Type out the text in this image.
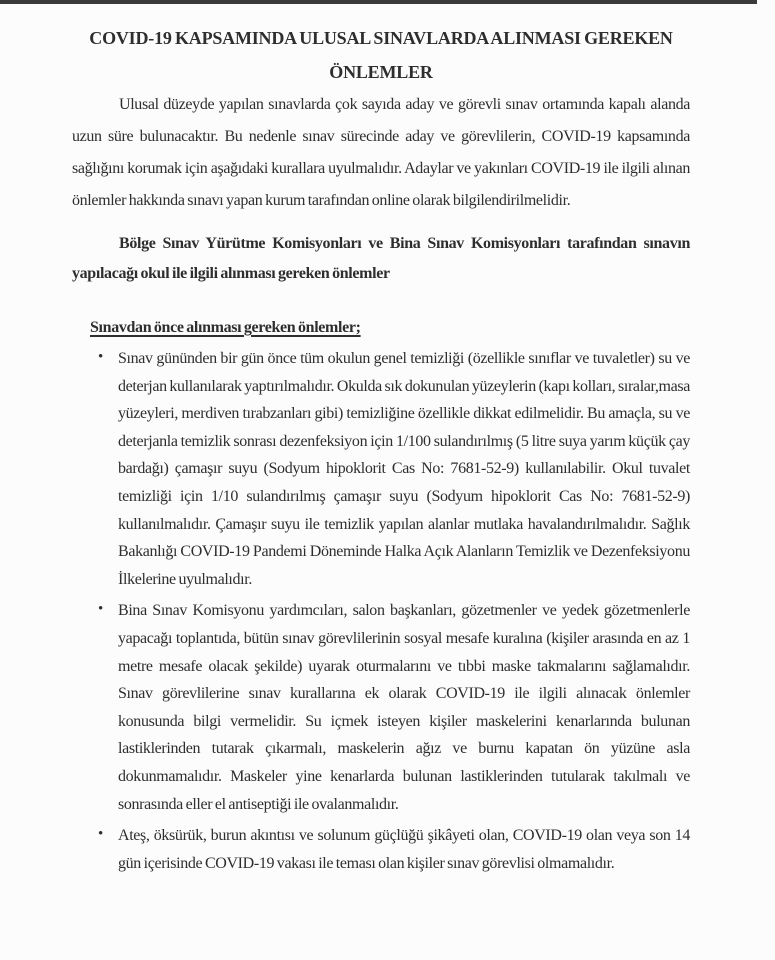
COVID-19 KAPSAMINDA ULUSAL SINAVLARDA ALINMASI GEREKEN
ÖNLEMLER

Ulusal düzeyde yapılan sınavlarda çok sayıda aday ve görevli sınav ortamında kapalı alanda uzun süre bulunacaktır. Bu nedenle sınav sürecinde aday ve görevlilerin, COVID-19 kapsamında sağlığını korumak için aşağıdaki kurallara uyulmalıdır. Adaylar ve yakınları COVID-19 ile ilgili alınan önlemler hakkında sınavı yapan kurum tarafından online olarak bilgilendirilmelidir.

Bölge Sınav Yürütme Komisyonları ve Bina Sınav Komisyonları tarafından sınavın yapılacağı okul ile ilgili alınması gereken önlemler

Sınavdan önce alınması gereken önlemler;

• Sınav gününden bir gün önce tüm okulun genel temizliği (özellikle sınıflar ve tuvaletler) su ve deterjan kullanılarak yaptırılmalıdır. Okulda sık dokunulan yüzeylerin (kapı kolları, sıralar,masa yüzeyleri, merdiven tırabzanları gibi) temizliğine özellikle dikkat edilmelidir. Bu amaçla, su ve deterjanla temizlik sonrası dezenfeksiyon için 1/100 sulandırılmış (5 litre suya yarım küçük çay bardağı) çamaşır suyu (Sodyum hipoklorit Cas No: 7681-52-9) kullanılabilir. Okul tuvalet temizliği için 1/10 sulandırılmış çamaşır suyu (Sodyum hipoklorit Cas No: 7681-52-9) kullanılmalıdır. Çamaşır suyu ile temizlik yapılan alanlar mutlaka havalandırılmalıdır. Sağlık Bakanlığı COVID-19 Pandemi Döneminde Halka Açık Alanların Temizlik ve Dezenfeksiyonu İlkelerine uyulmalıdır.
• Bina Sınav Komisyonu yardımcıları, salon başkanları, gözetmenler ve yedek gözetmenlerle yapacağı toplantıda, bütün sınav görevlilerinin sosyal mesafe kuralına (kişiler arasında en az 1 metre mesafe olacak şekilde) uyarak oturmalarını ve tıbbi maske takmalarını sağlamalıdır. Sınav görevlilerine sınav kurallarına ek olarak COVID-19 ile ilgili alınacak önlemler konusunda bilgi vermelidir. Su içmek isteyen kişiler maskelerini kenarlarında bulunan lastiklerinden tutarak çıkarmalı, maskelerin ağız ve burnu kapatan ön yüzüne asla dokunmamalıdır. Maskeler yine kenarlarda bulunan lastiklerinden tutularak takılmalı ve sonrasında eller el antiseptiği ile ovalanmalıdır.
• Ateş, öksürük, burun akıntısı ve solunum güçlüğü şikâyeti olan, COVID-19 olan veya son 14 gün içerisinde COVID-19 vakası ile teması olan kişiler sınav görevlisi olmamalıdır.
